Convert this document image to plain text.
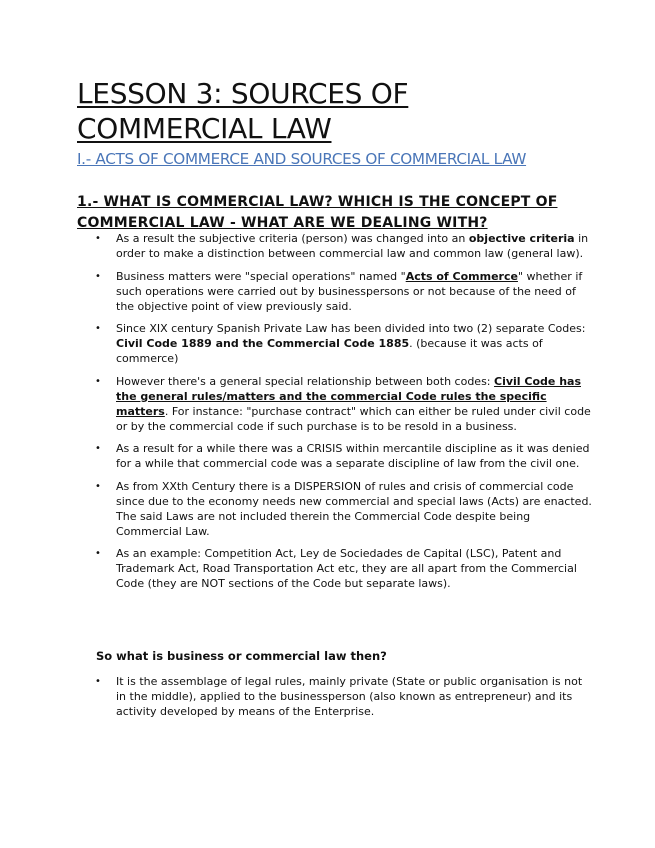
LESSON 3: SOURCES OF COMMERCIAL LAW
I.- ACTS OF COMMERCE AND SOURCES OF COMMERCIAL LAW
1.- WHAT IS COMMERCIAL LAW? WHICH IS THE CONCEPT OF COMMERCIAL LAW - WHAT ARE WE DEALING WITH?
• As a result the subjective criteria (person) was changed into an objective criteria in order to make a distinction between commercial law and common law (general law).
• Business matters were "special operations" named "Acts of Commerce" whether if such operations were carried out by businesspersons or not because of the need of the objective point of view previously said.
• Since XIX century Spanish Private Law has been divided into two (2) separate Codes: Civil Code 1889 and the Commercial Code 1885. (because it was acts of commerce)
• However there's a general special relationship between both codes: Civil Code has the general rules/matters and the commercial Code rules the specific matters. For instance: "purchase contract" which can either be ruled under civil code or by the commercial code if such purchase is to be resold in a business.
• As a result for a while there was a CRISIS within mercantile discipline as it was denied for a while that commercial code was a separate discipline of law from the civil one.
• As from XXth Century there is a DISPERSION of rules and crisis of commercial code since due to the economy needs new commercial and special laws (Acts) are enacted. The said Laws are not included therein the Commercial Code despite being Commercial Law.
• As an example: Competition Act, Ley de Sociedades de Capital (LSC), Patent and Trademark Act, Road Transportation Act etc, they are all apart from the Commercial Code (they are NOT sections of the Code but separate laws).

So what is business or commercial law then?

• It is the assemblage of legal rules, mainly private (State or public organisation is not in the middle), applied to the businessperson (also known as entrepreneur) and its activity developed by means of the Enterprise.
